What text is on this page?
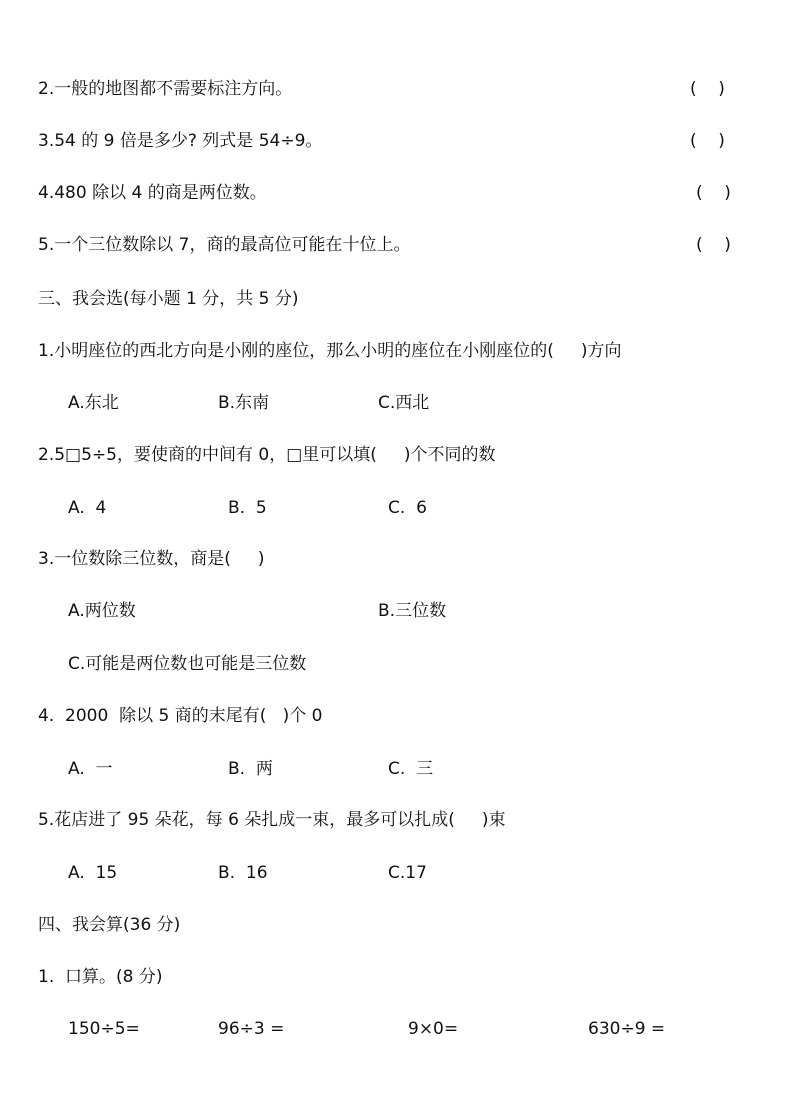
2.一般的地图都不需要标注方向。	(    )
3.54 的 9 倍是多少? 列式是 54÷9。	(    )
4.480 除以 4 的商是两位数。	(    )
5.一个三位数除以 7，商的最高位可能在十位上。	(    )
三、我会选(每小题 1 分，共 5 分)
1.小明座位的西北方向是小刚的座位，那么小明的座位在小刚座位的(     )方向
A.东北	B.东南	C.西北
2.5□5÷5，要使商的中间有 0，□里可以填(     )个不同的数
A.  4	B.  5	C.  6
3.一位数除三位数，商是(     )
A.两位数	B.三位数
C.可能是两位数也可能是三位数
4.  2000  除以 5 商的末尾有(   )个 0
A.  一	B.  两	C.  三
5.花店进了 95 朵花，每 6 朵扎成一束，最多可以扎成(     )束
A.  15	B.  16	C.17
四、我会算(36 分)
1.  口算。(8 分)
150÷5=	96÷3 =	9×0=	630÷9 =
